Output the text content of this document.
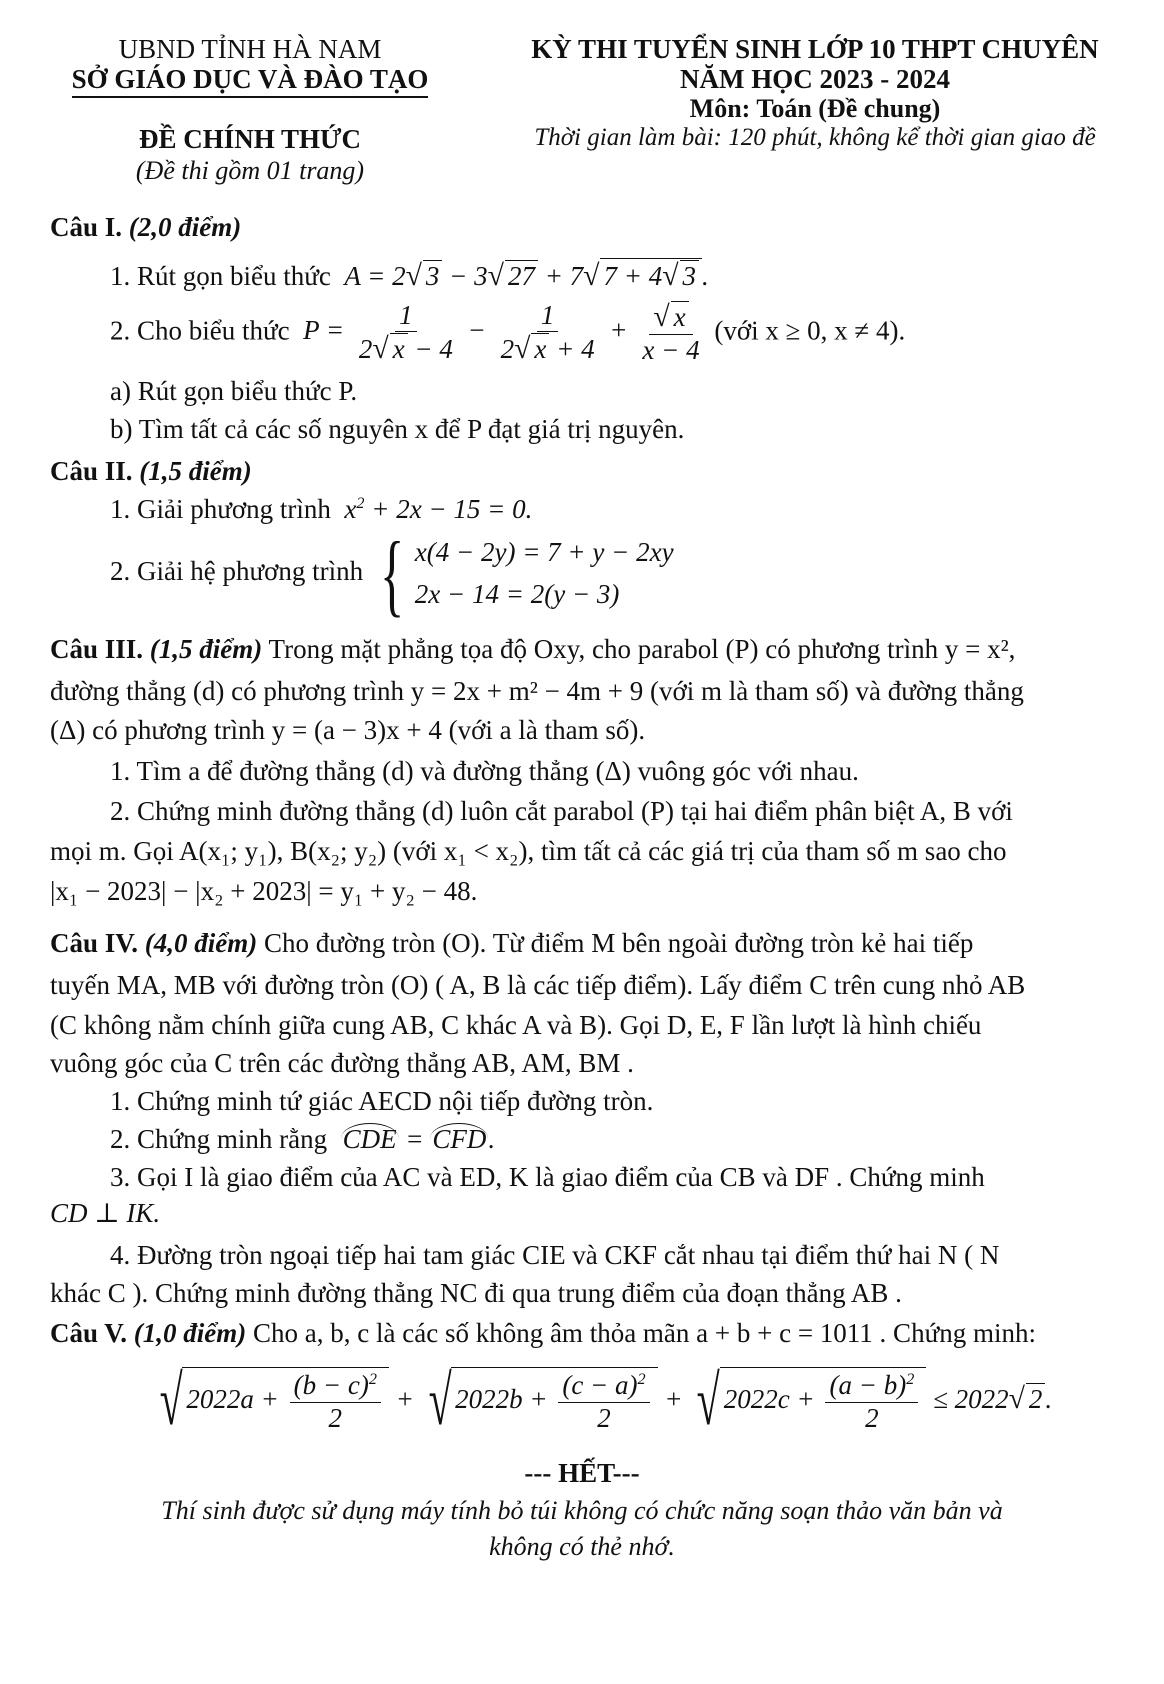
UBND TỈNH HÀ NAM
SỞ GIÁO DỤC VÀ ĐÀO TẠO
ĐỀ CHÍNH THỨC
(Đề thi gồm 01 trang)
KỲ THI TUYỂN SINH LỚP 10 THPT CHUYÊN
NĂM HỌC 2023 - 2024
Môn: Toán (Đề chung)
Thời gian làm bài: 120 phút, không kể thời gian giao đề
Câu I. (2,0 điểm)
1. Rút gọn biểu thức  A = 2√ 3 − 3√ 27 + 7√ 7 + 4√ 3 .
2. Cho biểu thức  $P = \frac{1}{2√ x - 4} - \frac{1}{2√ x + 4} + \frac{√ x}{x - 4}$ (với x ≥ 0, x ≠ 4).
a) Rút gọn biểu thức P.
b) Tìm tất cả các số nguyên x để P đạt giá trị nguyên.
Câu II. (1,5 điểm)
1. Giải phương trình  $x^2 + 2x - 15 = 0$.
2. Giải hệ phương trình { x(4 − 2y) = 7 + y − 2xy
2x − 14 = 2(y − 3)
Câu III. (1,5 điểm) Trong mặt phẳng tọa độ Oxy, cho parabol (P) có phương trình y = x²,
đường thẳng (d) có phương trình y = 2x + m² − 4m + 9 (với m là tham số) và đường thẳng
(Δ) có phương trình y = (a − 3)x + 4 (với a là tham số).
1. Tìm a để đường thẳng (d) và đường thẳng (Δ) vuông góc với nhau.
2. Chứng minh đường thẳng (d) luôn cắt parabol (P) tại hai điểm phân biệt A, B với
mọi m. Gọi A(x₁; y₁), B(x₂; y₂) (với x₁ < x₂), tìm tất cả các giá trị của tham số m sao cho
|x₁ − 2023| − |x₂ + 2023| = y₁ + y₂ − 48.
Câu IV. (4,0 điểm) Cho đường tròn (O). Từ điểm M bên ngoài đường tròn kẻ hai tiếp
tuyến MA, MB với đường tròn (O) ( A, B là các tiếp điểm). Lấy điểm C trên cung nhỏ AB
(C không nằm chính giữa cung AB, C khác A và B). Gọi D, E, F lần lượt là hình chiếu
vuông góc của C trên các đường thẳng AB, AM, BM .
1. Chứng minh tứ giác AECD nội tiếp đường tròn.
2. Chứng minh rằng CDE = CFD.
3. Gọi I là giao điểm của AC và ED, K là giao điểm của CB và DF . Chứng minh
CD ⊥ IK.
4. Đường tròn ngoại tiếp hai tam giác CIE và CKF cắt nhau tại điểm thứ hai N ( N
khác C ). Chứng minh đường thẳng NC đi qua trung điểm của đoạn thẳng AB .
Câu V. (1,0 điểm) Cho a, b, c là các số không âm thỏa mãn a + b + c = 1011 . Chứng minh:
√ $2022a + \frac{(b - c)^2}{2}$ + √ $2022b + \frac{(c - a)^2}{2}$ + √ $2022c + \frac{(a - b)^2}{2} \le 2022√$ 2 .
--- HẾT---
Thí sinh được sử dụng máy tính bỏ túi không có chức năng soạn thảo văn bản và
không có thẻ nhớ.
